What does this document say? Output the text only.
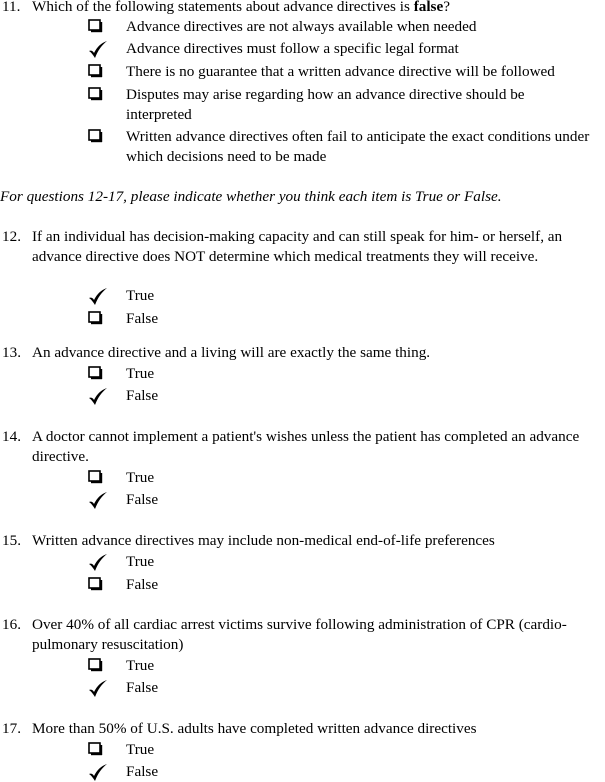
11. Which of the following statements about advance directives is false?
Advance directives are not always available when needed
Advance directives must follow a specific legal format
There is no guarantee that a written advance directive will be followed
Disputes may arise regarding how an advance directive should be interpreted
Written advance directives often fail to anticipate the exact conditions under which decisions need to be made
For questions 12-17, please indicate whether you think each item is True or False.
12. If an individual has decision-making capacity and can still speak for him- or herself, an advance directive does NOT determine which medical treatments they will receive.
True
False
13. An advance directive and a living will are exactly the same thing.
True
False
14. A doctor cannot implement a patient's wishes unless the patient has completed an advance directive.
True
False
15. Written advance directives may include non-medical end-of-life preferences
True
False
16. Over 40% of all cardiac arrest victims survive following administration of CPR (cardio-pulmonary resuscitation)
True
False
17. More than 50% of U.S. adults have completed written advance directives
True
False
